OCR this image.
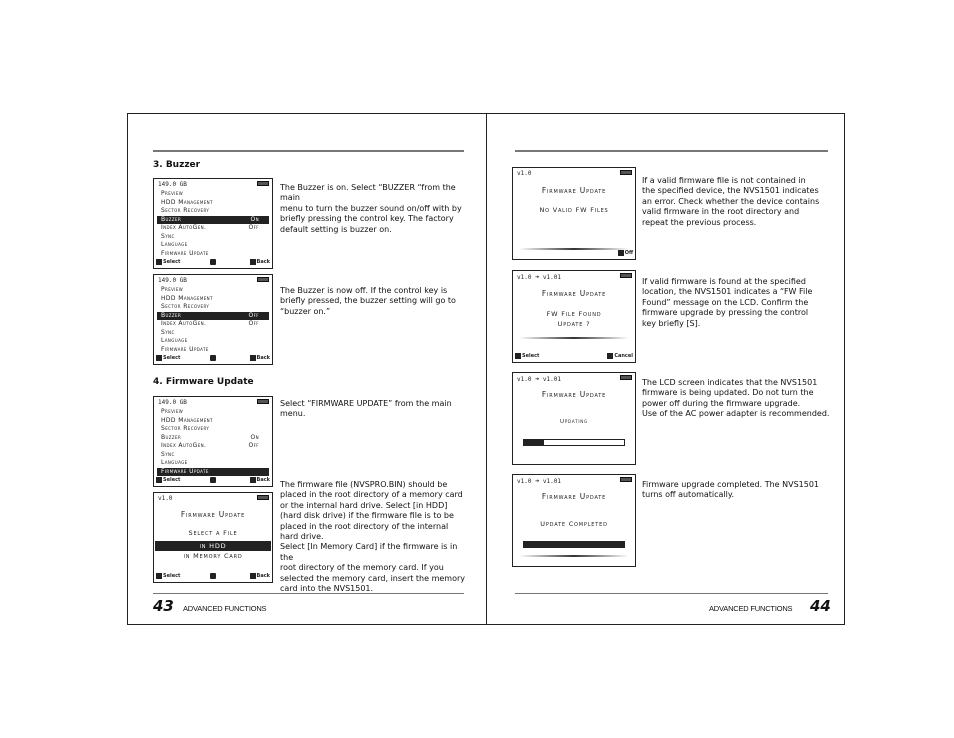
3. Buzzer
149.0 GB
Preview
HDD Management
Sector Recovery
Buzzer	On
Index AutoGen.	Off
Sync
Language
Firmware Update
Select	Back
The Buzzer is on. Select “BUZZER “from the main
menu to turn the buzzer sound on/off with by
briefly pressing the control key. The factory
default setting is buzzer on.
149.0 GB
Preview
HDD Management
Sector Recovery
Buzzer	Off
Index AutoGen.	Off
Sync
Language
Firmware Update
Select	Back
The Buzzer is now off. If the control key is
briefly pressed, the buzzer setting will go to
“buzzer on.”
4. Firmware Update
149.0 GB
Preview
HDD Management
Sector Recovery
Buzzer	On
Index AutoGen.	Off
Sync
Language
Firmware Update
Select	Back
Select “FIRMWARE UPDATE” from the main
menu.
v1.0
Firmware Update
Select a File
in HDD
in Memory Card
Select	Back
The firmware file (NVSPRO.BIN) should be
placed in the root directory of a memory card
or the internal hard drive. Select [in HDD]
(hard disk drive) if the firmware file is to be
placed in the root directory of the internal
hard drive.
Select [In Memory Card] if the firmware is in the
root directory of the memory card. If you
selected the memory card, insert the memory
card into the NVS1501.
43 ADVANCED FUNCTIONS
v1.0
Firmware Update
No Valid FW Files
Off
If a valid firmware file is not contained in
the specified device, the NVS1501 indicates
an error. Check whether the device contains
valid firmware in the root directory and
repeat the previous process.
v1.0 ➔ v1.01
Firmware Update
FW File Found
Update ?
Select	Cancel
If valid firmware is found at the specified
location, the NVS1501 indicates a “FW File
Found” message on the LCD. Confirm the
firmware upgrade by pressing the control
key briefly [S].
v1.0 ➔ v1.01
Firmware Update
Updating
The LCD screen indicates that the NVS1501
firmware is being updated. Do not turn the
power off during the firmware upgrade.
Use of the AC power adapter is recommended.
v1.0 ➔ v1.01
Firmware Update
Update Completed
Firmware upgrade completed. The NVS1501
turns off automatically.
ADVANCED FUNCTIONS 44
